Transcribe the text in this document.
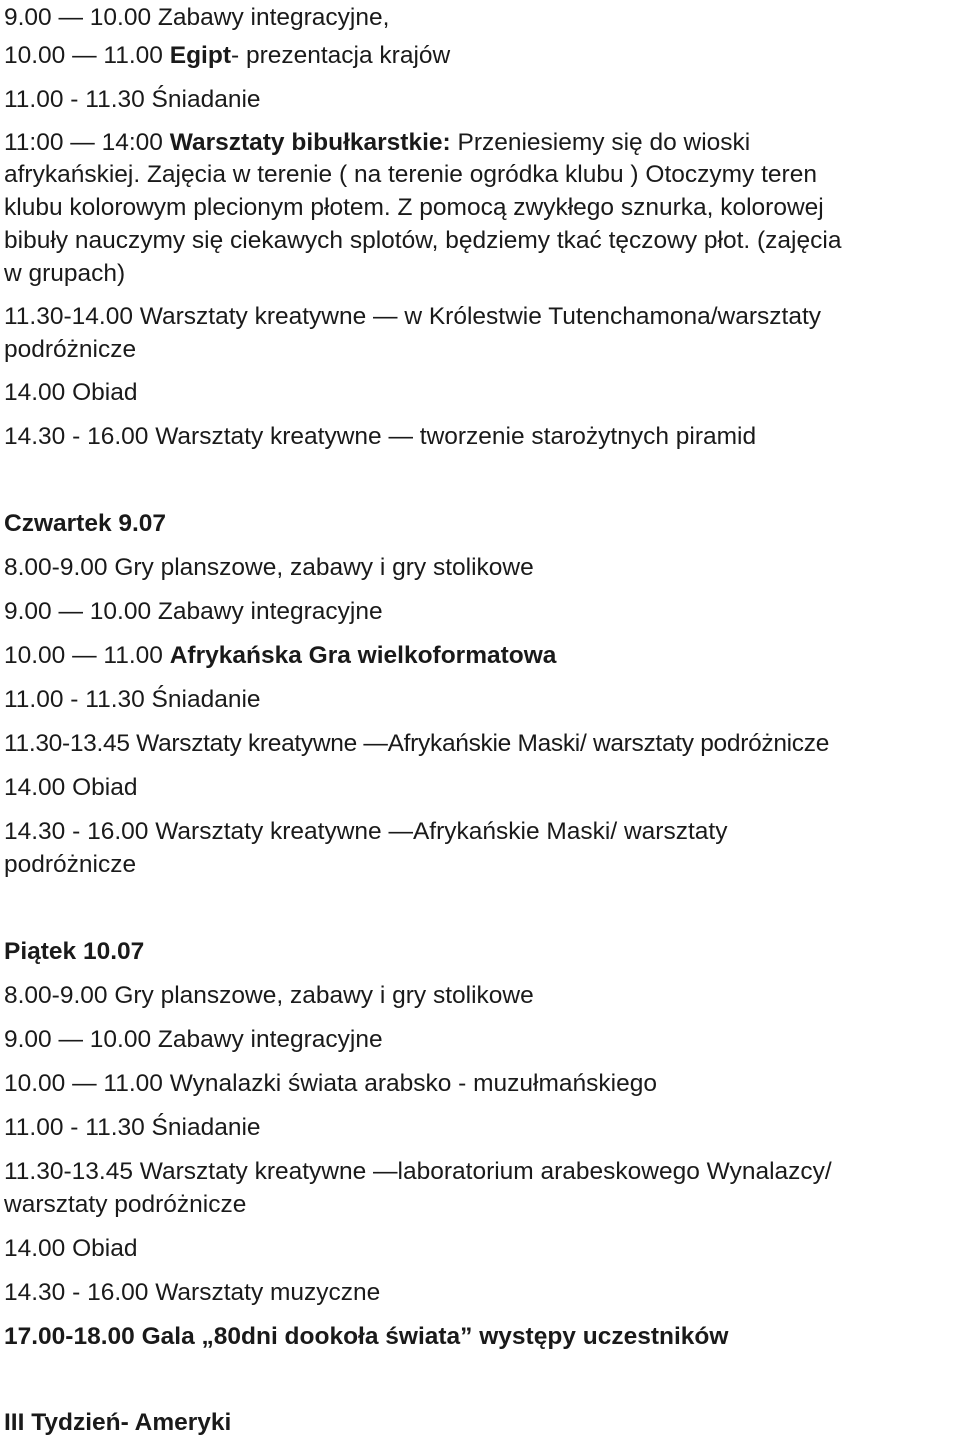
9.00 — 10.00 Zabawy integracyjne,
10.00 — 11.00 Egipt- prezentacja krajów
11.00 - 11.30 Śniadanie
11:00 — 14:00 Warsztaty bibułkarstkie: Przeniesiemy się do wioski
afrykańskiej. Zajęcia w terenie ( na terenie ogródka klubu ) Otoczymy teren
klubu kolorowym plecionym płotem. Z pomocą zwykłego sznurka, kolorowej
bibuły nauczymy się ciekawych splotów, będziemy tkać tęczowy płot. (zajęcia
w grupach)
11.30-14.00 Warsztaty kreatywne — w Królestwie Tutenchamona/warsztaty
podróżnicze
14.00 Obiad
14.30 - 16.00 Warsztaty kreatywne — tworzenie starożytnych piramid
Czwartek 9.07
8.00-9.00 Gry planszowe, zabawy i gry stolikowe
9.00 — 10.00 Zabawy integracyjne
10.00 — 11.00 Afrykańska Gra wielkoformatowa
11.00 - 11.30 Śniadanie
11.30-13.45 Warsztaty kreatywne —Afrykańskie Maski/ warsztaty podróżnicze
14.00 Obiad
14.30 - 16.00 Warsztaty kreatywne —Afrykańskie Maski/ warsztaty
podróżnicze
Piątek 10.07
8.00-9.00 Gry planszowe, zabawy i gry stolikowe
9.00 — 10.00 Zabawy integracyjne
10.00 — 11.00 Wynalazki świata arabsko - muzułmańskiego
11.00 - 11.30 Śniadanie
11.30-13.45 Warsztaty kreatywne —laboratorium arabeskowego Wynalazcy/
warsztaty podróżnicze
14.00 Obiad
14.30 - 16.00 Warsztaty muzyczne
17.00-18.00 Gala „80dni dookoła świata” występy uczestników
III Tydzień- Ameryki
